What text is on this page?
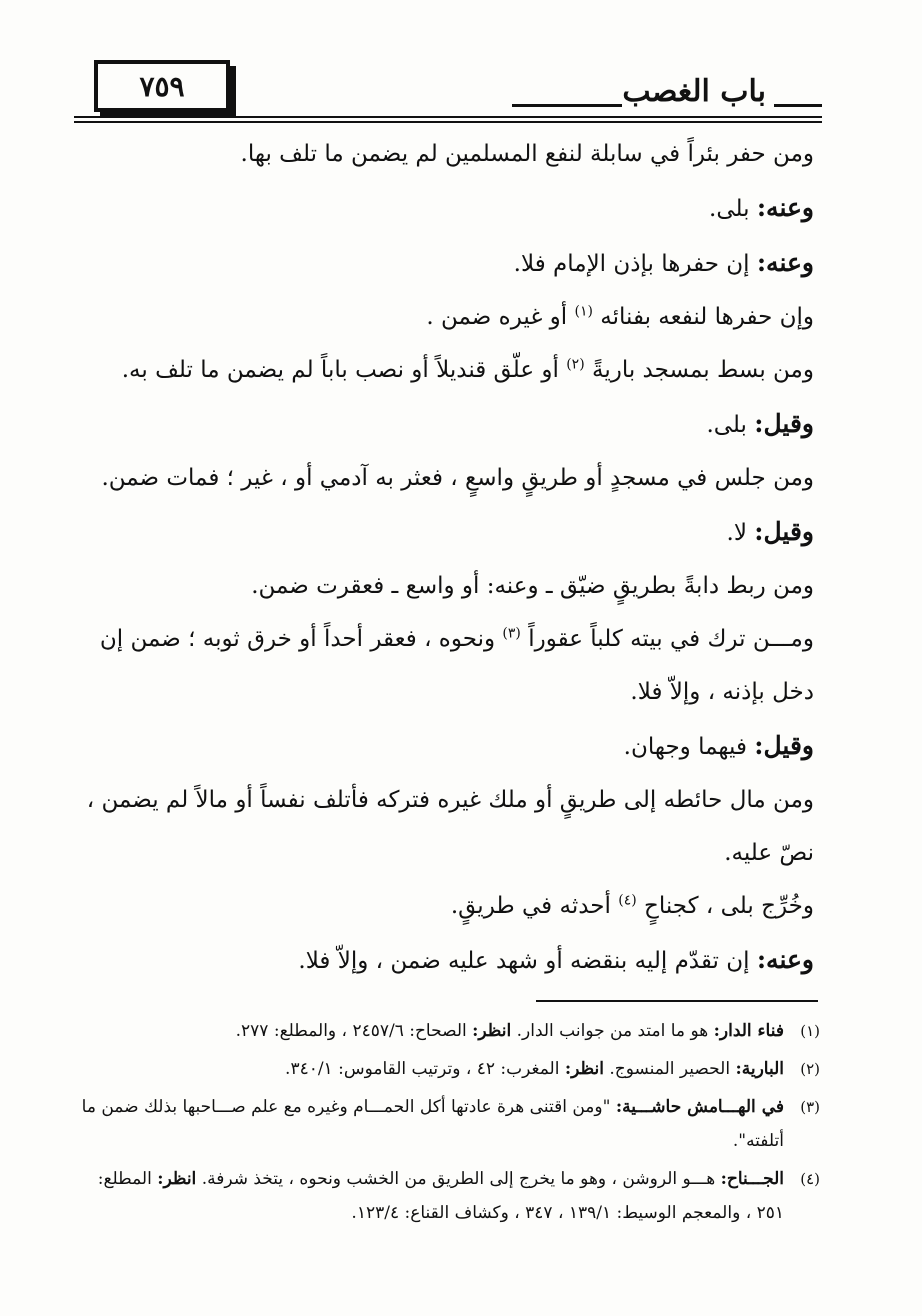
٧٥٩	باب الغصب

ومن حفر بئراً في سابلة لنفع المسلمين لم يضمن ما تلف بها.

وعنه: بلى.

وعنه: إن حفرها بإذن الإمام فلا.

وإن حفرها لنفعه بفنائه $^{(١)}$ أو غيره ضمن .

ومن بسط بمسجد باريةً $^{(٢)}$ أو علّق قنديلاً أو نصب باباً لم يضمن ما تلف به.

وقيل: بلى.

ومن جلس في مسجدٍ أو طريقٍ واسعٍ ، فعثر به آدمي أو ، غير ؛ فمات ضمن.

وقيل: لا.

ومن ربط دابةً بطريقٍ ضيّق ـ وعنه: أو واسع ـ فعقرت ضمن.

ومـــن ترك في بيته كلباً عقوراً $^{(٣)}$ ونحوه ، فعقر أحداً أو خرق ثوبه ؛ ضمن إن دخل بإذنه ، وإلاّ فلا.

وقيل: فيهما وجهان.

ومن مال حائطه إلى طريقٍ أو ملك غيره فتركه فأتلف نفساً أو مالاً لم يضمن ، نصّ عليه.

وخُرِّج بلى ، كجناحٍ $^{(٤)}$ أحدثه في طريقٍ.

وعنه: إن تقدّم إليه بنقضه أو شهد عليه ضمن ، وإلاّ فلا.

(١)
فناء الدار: هو ما امتد من جوانب الدار. انظر: الصحاح: ٢٤٥٧/٦ ، والمطلع: ٢٧٧.
(٢)
البارية: الحصير المنسوج. انظر: المغرب: ٤٢ ، وترتيب القاموس: ٣٤٠/١.
(٣)
في الهـــامش حاشـــية: "ومن اقتنى هرة عادتها أكل الحمـــام وغيره مع علم صـــاحبها بذلك ضمن ما أتلفته".
(٤)
الجـــناح: هـــو الروشن ، وهو ما يخرج إلى الطريق من الخشب ونحوه ، يتخذ شرفة. انظر: المطلع: ٢٥١ ، والمعجم الوسيط: ١٣٩/١ ، ٣٤٧ ، وكشاف القناع: ١٢٣/٤.
